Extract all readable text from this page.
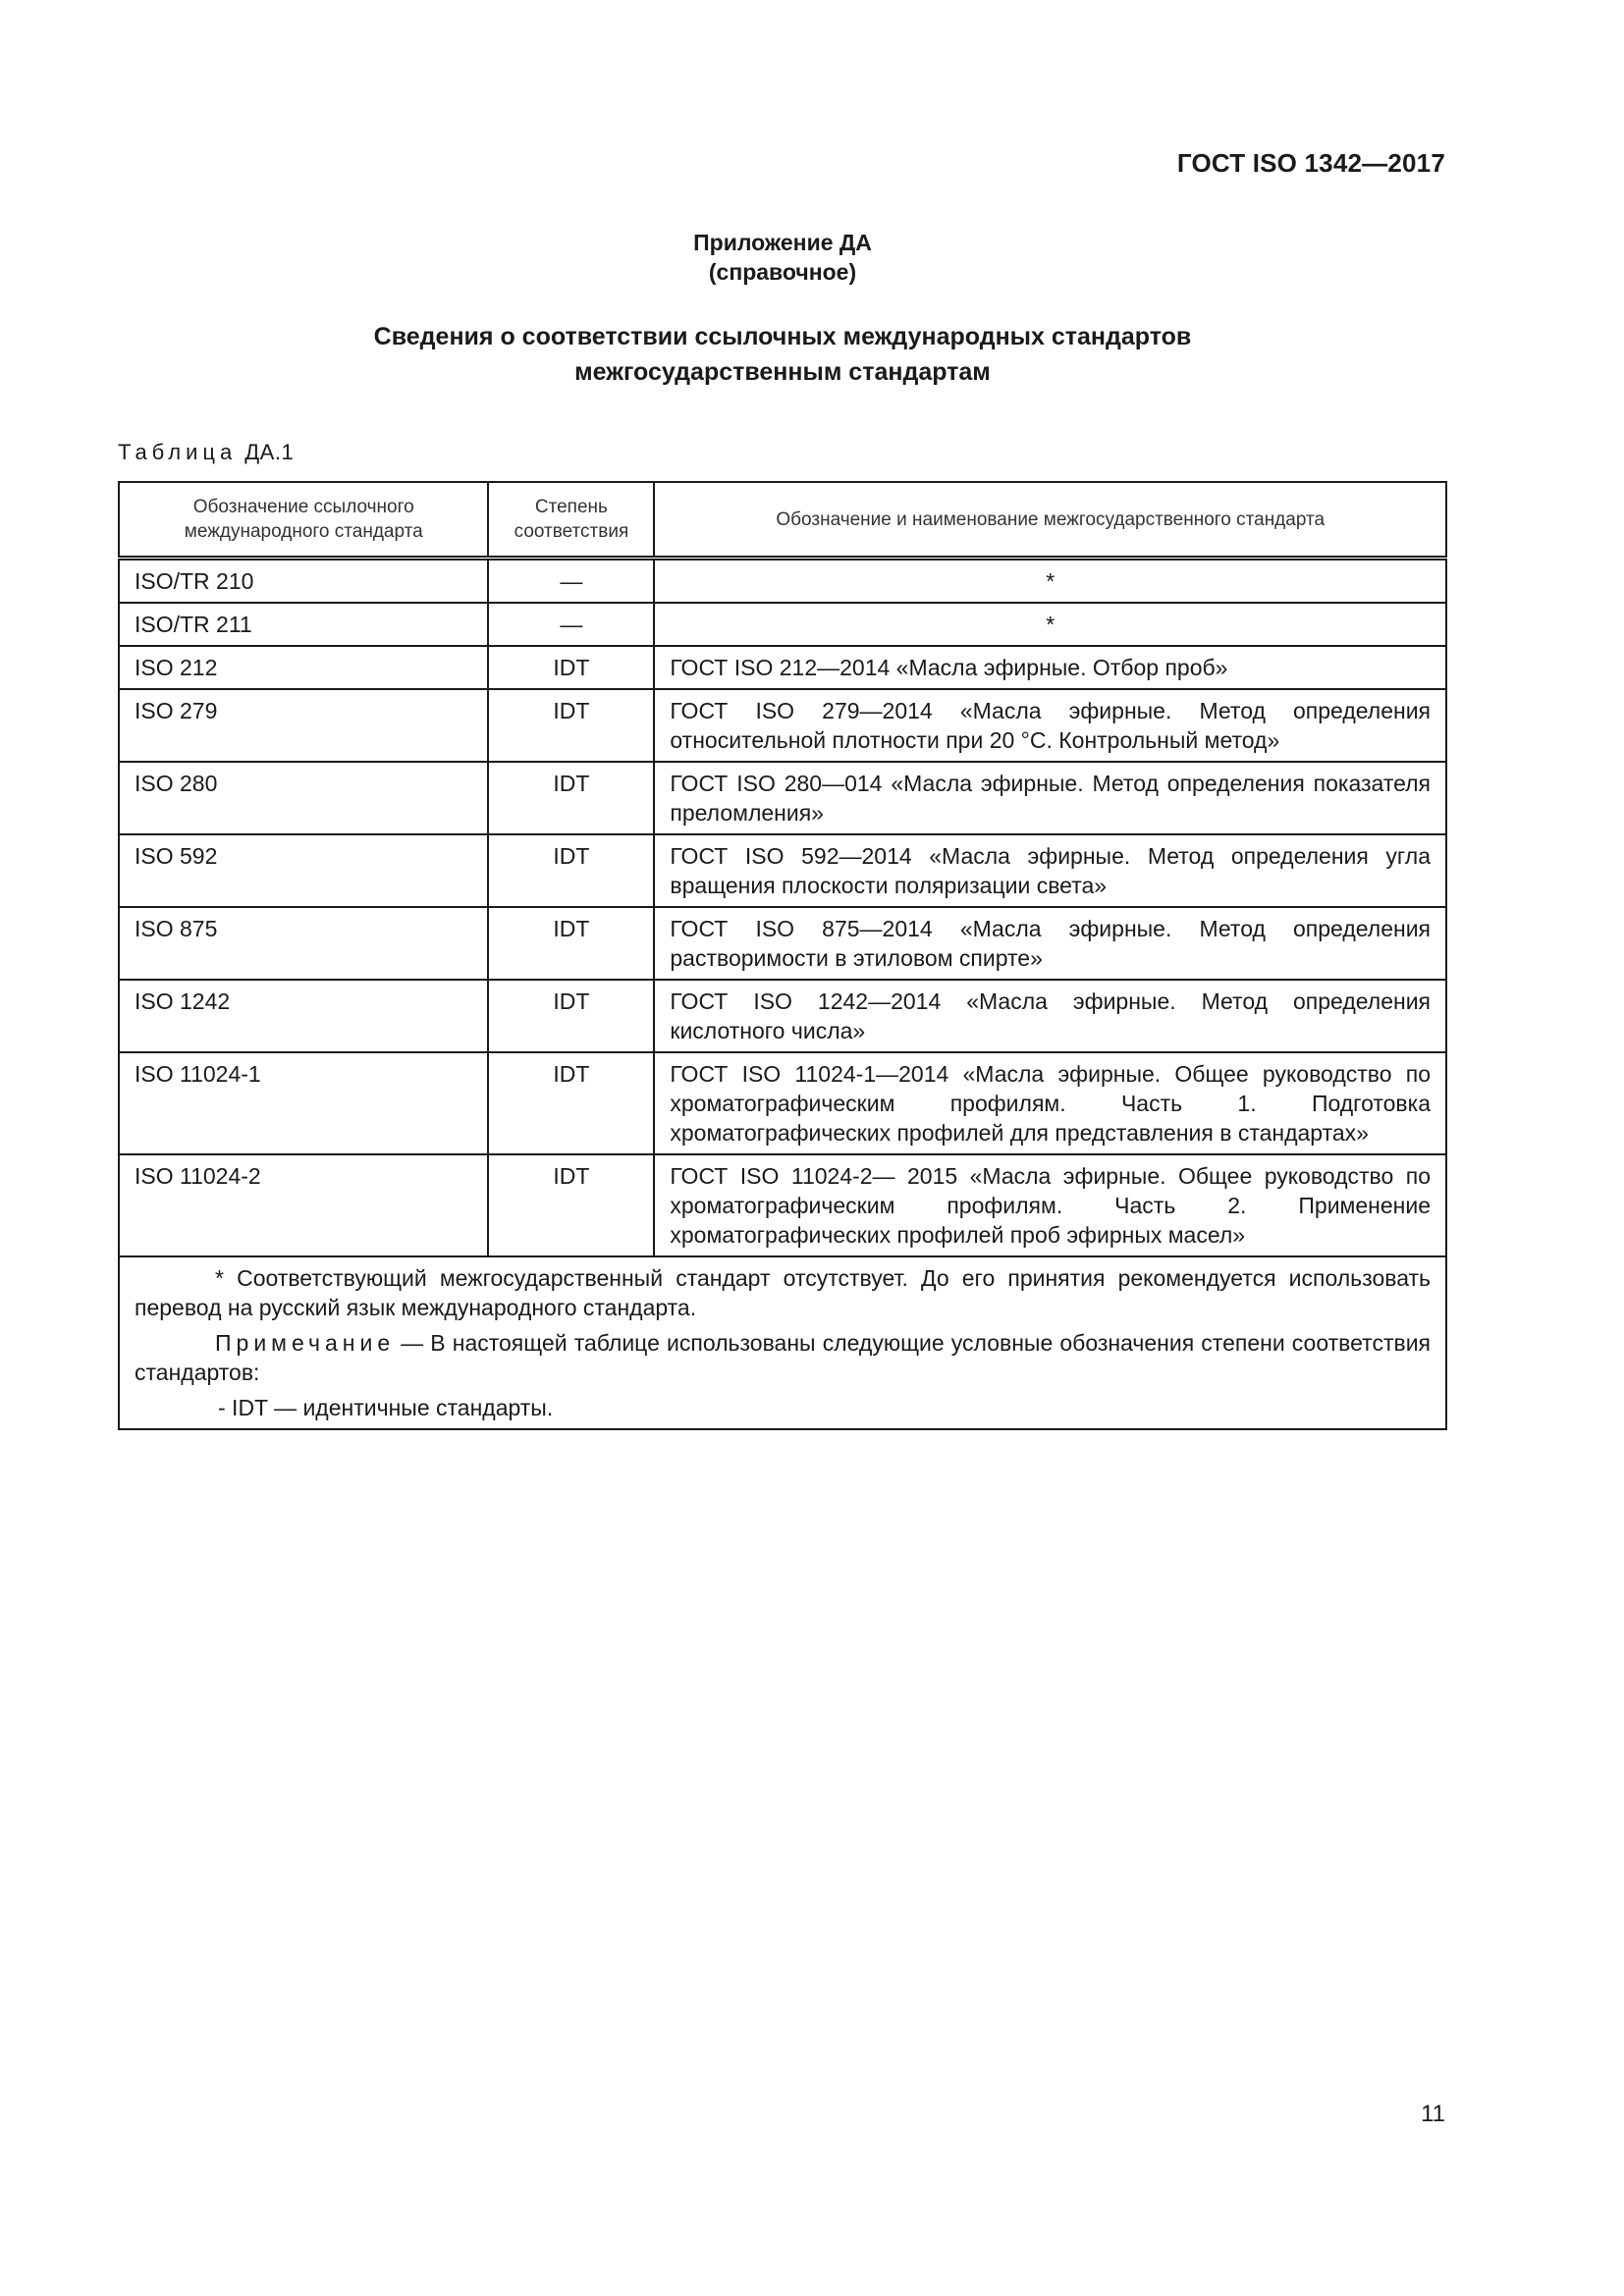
ГОСТ ISO 1342—2017
Приложение ДА
(справочное)
Сведения о соответствии ссылочных международных стандартов
межгосударственным стандартам
Таблица ДА.1
Обозначение ссылочного международного стандарта	Степень соответствия	Обозначение и наименование межгосударственного стандарта
ISO/TR 210	—	*
ISO/TR 211	—	*
ISO 212	IDT	ГОСТ ISO 212—2014 «Масла эфирные. Отбор проб»
ISO 279	IDT	ГОСТ ISO 279—2014 «Масла эфирные. Метод определения относительной плотности при 20 °С. Контрольный метод»
ISO 280	IDT	ГОСТ ISO 280—014 «Масла эфирные. Метод определения показателя преломления»
ISO 592	IDT	ГОСТ ISO 592—2014 «Масла эфирные. Метод определения угла вращения плоскости поляризации света»
ISO 875	IDT	ГОСТ ISO 875—2014 «Масла эфирные. Метод определения растворимости в этиловом спирте»
ISO 1242	IDT	ГОСТ ISO 1242—2014 «Масла эфирные. Метод определения кислотного числа»
ISO 11024-1	IDT	ГОСТ ISO 11024-1—2014 «Масла эфирные. Общее руководство по хроматографическим профилям. Часть 1. Подготовка хроматографических профилей для представления в стандартах»
ISO 11024-2	IDT	ГОСТ ISO 11024-2— 2015 «Масла эфирные. Общее руководство по хроматографическим профилям. Часть 2. Применение хроматографических профилей проб эфирных масел»

* Соответствующий межгосударственный стандарт отсутствует. До его принятия рекомендуется использовать перевод на русский язык международного стандарта.

Примечание — В настоящей таблице использованы следующие условные обозначения степени соответствия стандартов:

- IDT — идентичные стандарты.		

11
